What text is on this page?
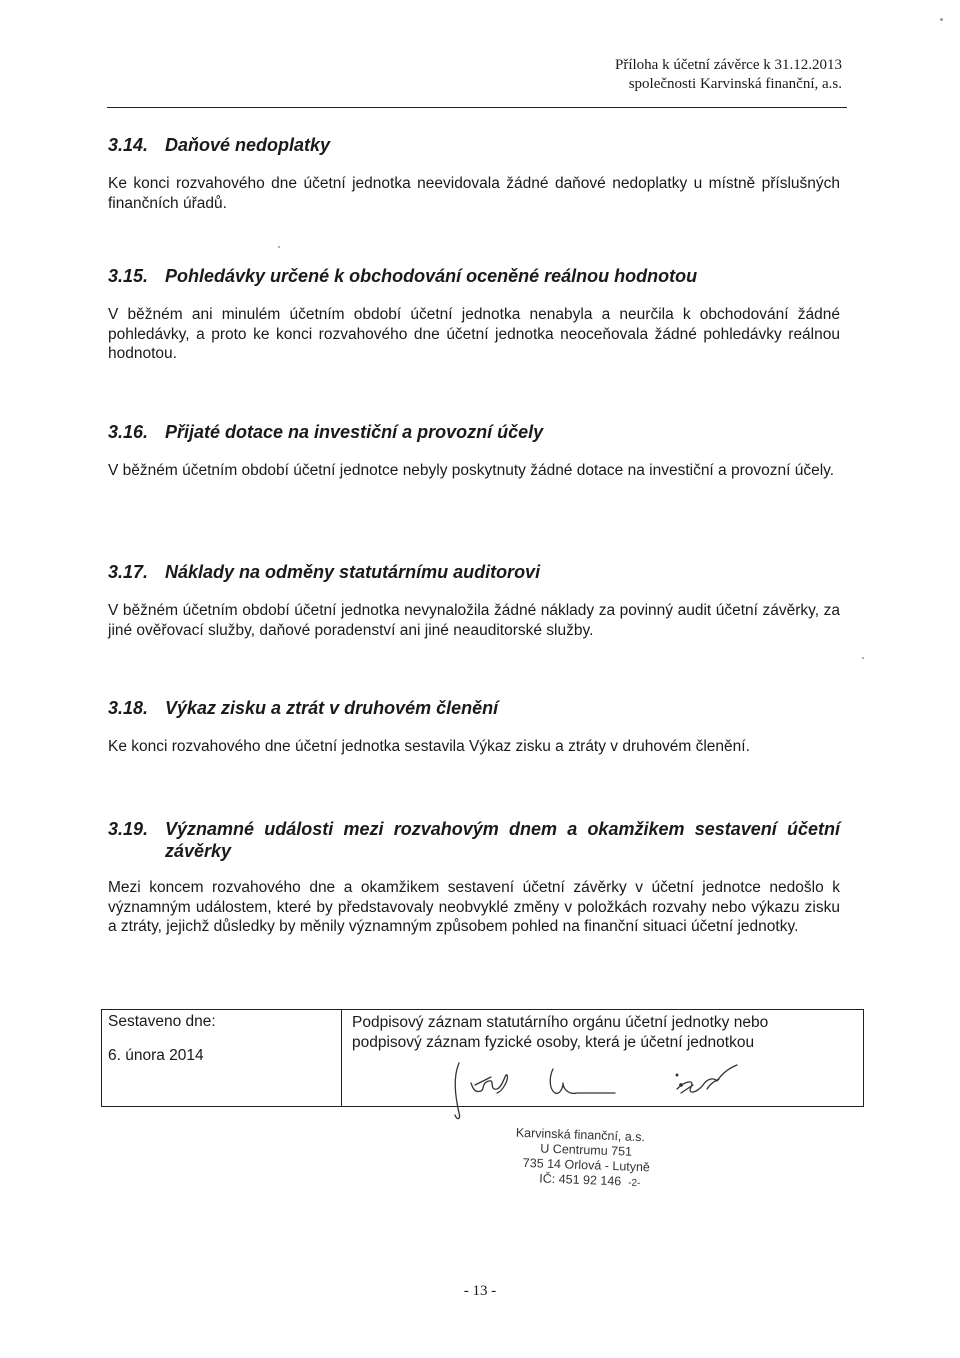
Příloha k účetní závěrce k 31.12.2013
společnosti Karvinská finanční, a.s.
3.14. Daňové nedoplatky

Ke konci rozvahového dne účetní jednotka neevidovala žádné daňové nedoplatky u místně příslušných finančních úřadů.

3.15. Pohledávky určené k obchodování oceněné reálnou hodnotou

V běžném ani minulém účetním období účetní jednotka nenabyla a neurčila k obchodování žádné pohledávky, a proto ke konci rozvahového dne účetní jednotka neoceňovala žádné pohledávky reálnou hodnotou.

3.16. Přijaté dotace na investiční a provozní účely

V běžném účetním období účetní jednotce nebyly poskytnuty žádné dotace na investiční a provozní účely.

3.17. Náklady na odměny statutárnímu auditorovi

V běžném účetním období účetní jednotka nevynaložila žádné náklady za povinný audit účetní závěrky, za jiné ověřovací služby, daňové poradenství ani jiné neauditorské služby.

3.18. Výkaz zisku a ztrát v druhovém členění

Ke konci rozvahového dne účetní jednotka sestavila Výkaz zisku a ztráty v druhovém členění.

3.19. Významné události mezi rozvahovým dnem a okamžikem sestavení účetní závěrky

Mezi koncem rozvahového dne a okamžikem sestavení účetní závěrky v účetní jednotce nedošlo k významným událostem, které by představovaly neobvyklé změny v položkách rozvahy nebo výkazu zisku a ztráty, jejichž důsledky by měnily významným způsobem pohled na finanční situaci účetní jednotky.

Sestaveno dne:
6. února 2014
Podpisový záznam statutárního orgánu účetní jednotky nebo
podpisový záznam fyzické osoby, která je účetní jednotkou
Karvinská finanční, a.s.
U Centrumu 751
735 14 Orlová - Lutyně
IČ: 451 92 146 -2-
- 13 -
